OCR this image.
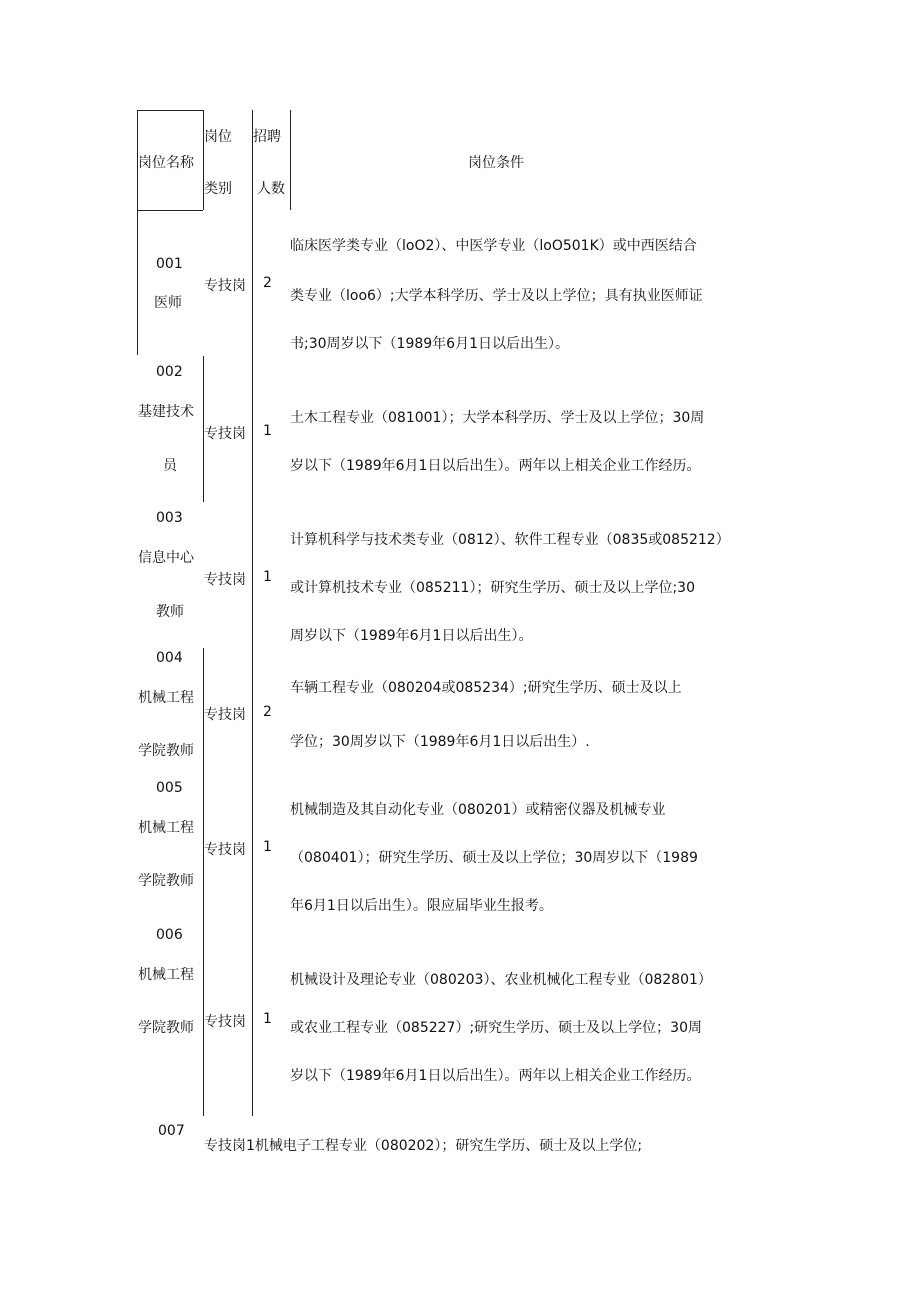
岗位名称
岗位
类别
招聘
人数
岗位条件
001
医师
专技岗 2
临床医学类专业（loO2）、中医学专业（loO501K）或中西医结合
类专业（loo6）;大学本科学历、学士及以上学位；具有执业医师证
书;30周岁以下（1989年6月1日以后出生）。
002
基建技术
员
专技岗 1
土木工程专业（081001）；大学本科学历、学士及以上学位；30周
岁以下（1989年6月1日以后出生）。两年以上相关企业工作经历。
003
信息中心
教师
专技岗 1
计算机科学与技术类专业（0812）、软件工程专业（0835或085212）
或计算机技术专业（085211）；研究生学历、硕士及以上学位;30
周岁以下（1989年6月1日以后出生）。
004
机械工程
学院教师
专技岗 2
车辆工程专业（080204或085234）;研究生学历、硕士及以上
学位；30周岁以下（1989年6月1日以后出生）.
005
机械工程
学院教师
专技岗 1
机械制造及其自动化专业（080201）或精密仪器及机械专业
（080401）；研究生学历、硕士及以上学位；30周岁以下（1989
年6月1日以后出生）。限应届毕业生报考。
006
机械工程
学院教师 专技岗 1
机械设计及理论专业（080203）、农业机械化工程专业（082801）
或农业工程专业（085227）;研究生学历、硕士及以上学位；30周
岁以下（1989年6月1日以后出生）。两年以上相关企业工作经历。
007
专技岗1机械电子工程专业（080202）；研究生学历、硕士及以上学位;
